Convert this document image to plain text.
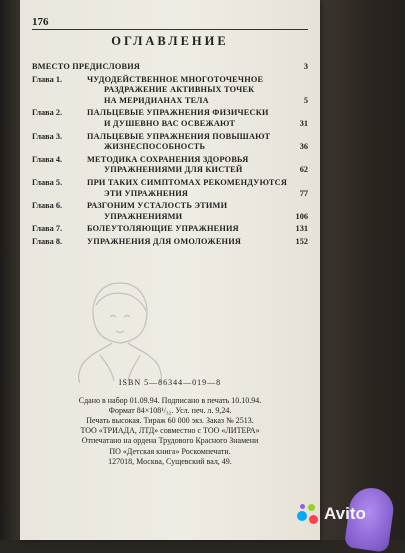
176
ОГЛАВЛЕНИЕ
ВМЕСТО ПРЕДИСЛОВИЯ	3
Глава 1.	ЧУДОДЕЙСТВЕННОЕ МНОГОТОЧЕЧНОЕ
РАЗДРАЖЕНИЕ АКТИВНЫХ ТОЧЕК
НА МЕРИДИАНАХ ТЕЛА	5
Глава 2.	ПАЛЬЦЕВЫЕ УПРАЖНЕНИЯ ФИЗИЧЕСКИ
И ДУШЕВНО ВАС ОСВЕЖАЮТ	31
Глава 3.	ПАЛЬЦЕВЫЕ УПРАЖНЕНИЯ ПОВЫШАЮТ
ЖИЗНЕСПОСОБНОСТЬ	36
Глава 4.	МЕТОДИКА СОХРАНЕНИЯ ЗДОРОВЬЯ
УПРАЖНЕНИЯМИ ДЛЯ КИСТЕЙ	62
Глава 5.	ПРИ ТАКИХ СИМПТОМАХ РЕКОМЕНДУЮТСЯ
ЭТИ УПРАЖНЕНИЯ	77
Глава 6.	РАЗГОНИМ УСТАЛОСТЬ ЭТИМИ
УПРАЖНЕНИЯМИ	106
Глава 7.	БОЛЕУТОЛЯЮЩИЕ УПРАЖНЕНИЯ	131
Глава 8.	УПРАЖНЕНИЯ ДЛЯ ОМОЛОЖЕНИЯ	152
ISBN 5—86344—019—8
Сдано в набор 01.09.94. Подписано в печать 10.10.94.
Формат 84×108¹/₃₂. Усл. печ. л. 9,24.
Печать высокая. Тираж 60 000 экз. Заказ № 2513.
ТОО «ТРИАДА, ЛТД» совместно с ТОО «ЛИТЕРА»
Отпечатано на ордена Трудового Красного Знамени
ПО «Детская книга» Роскомпечати.
127018, Москва, Сущевский вал, 49.
Avito
